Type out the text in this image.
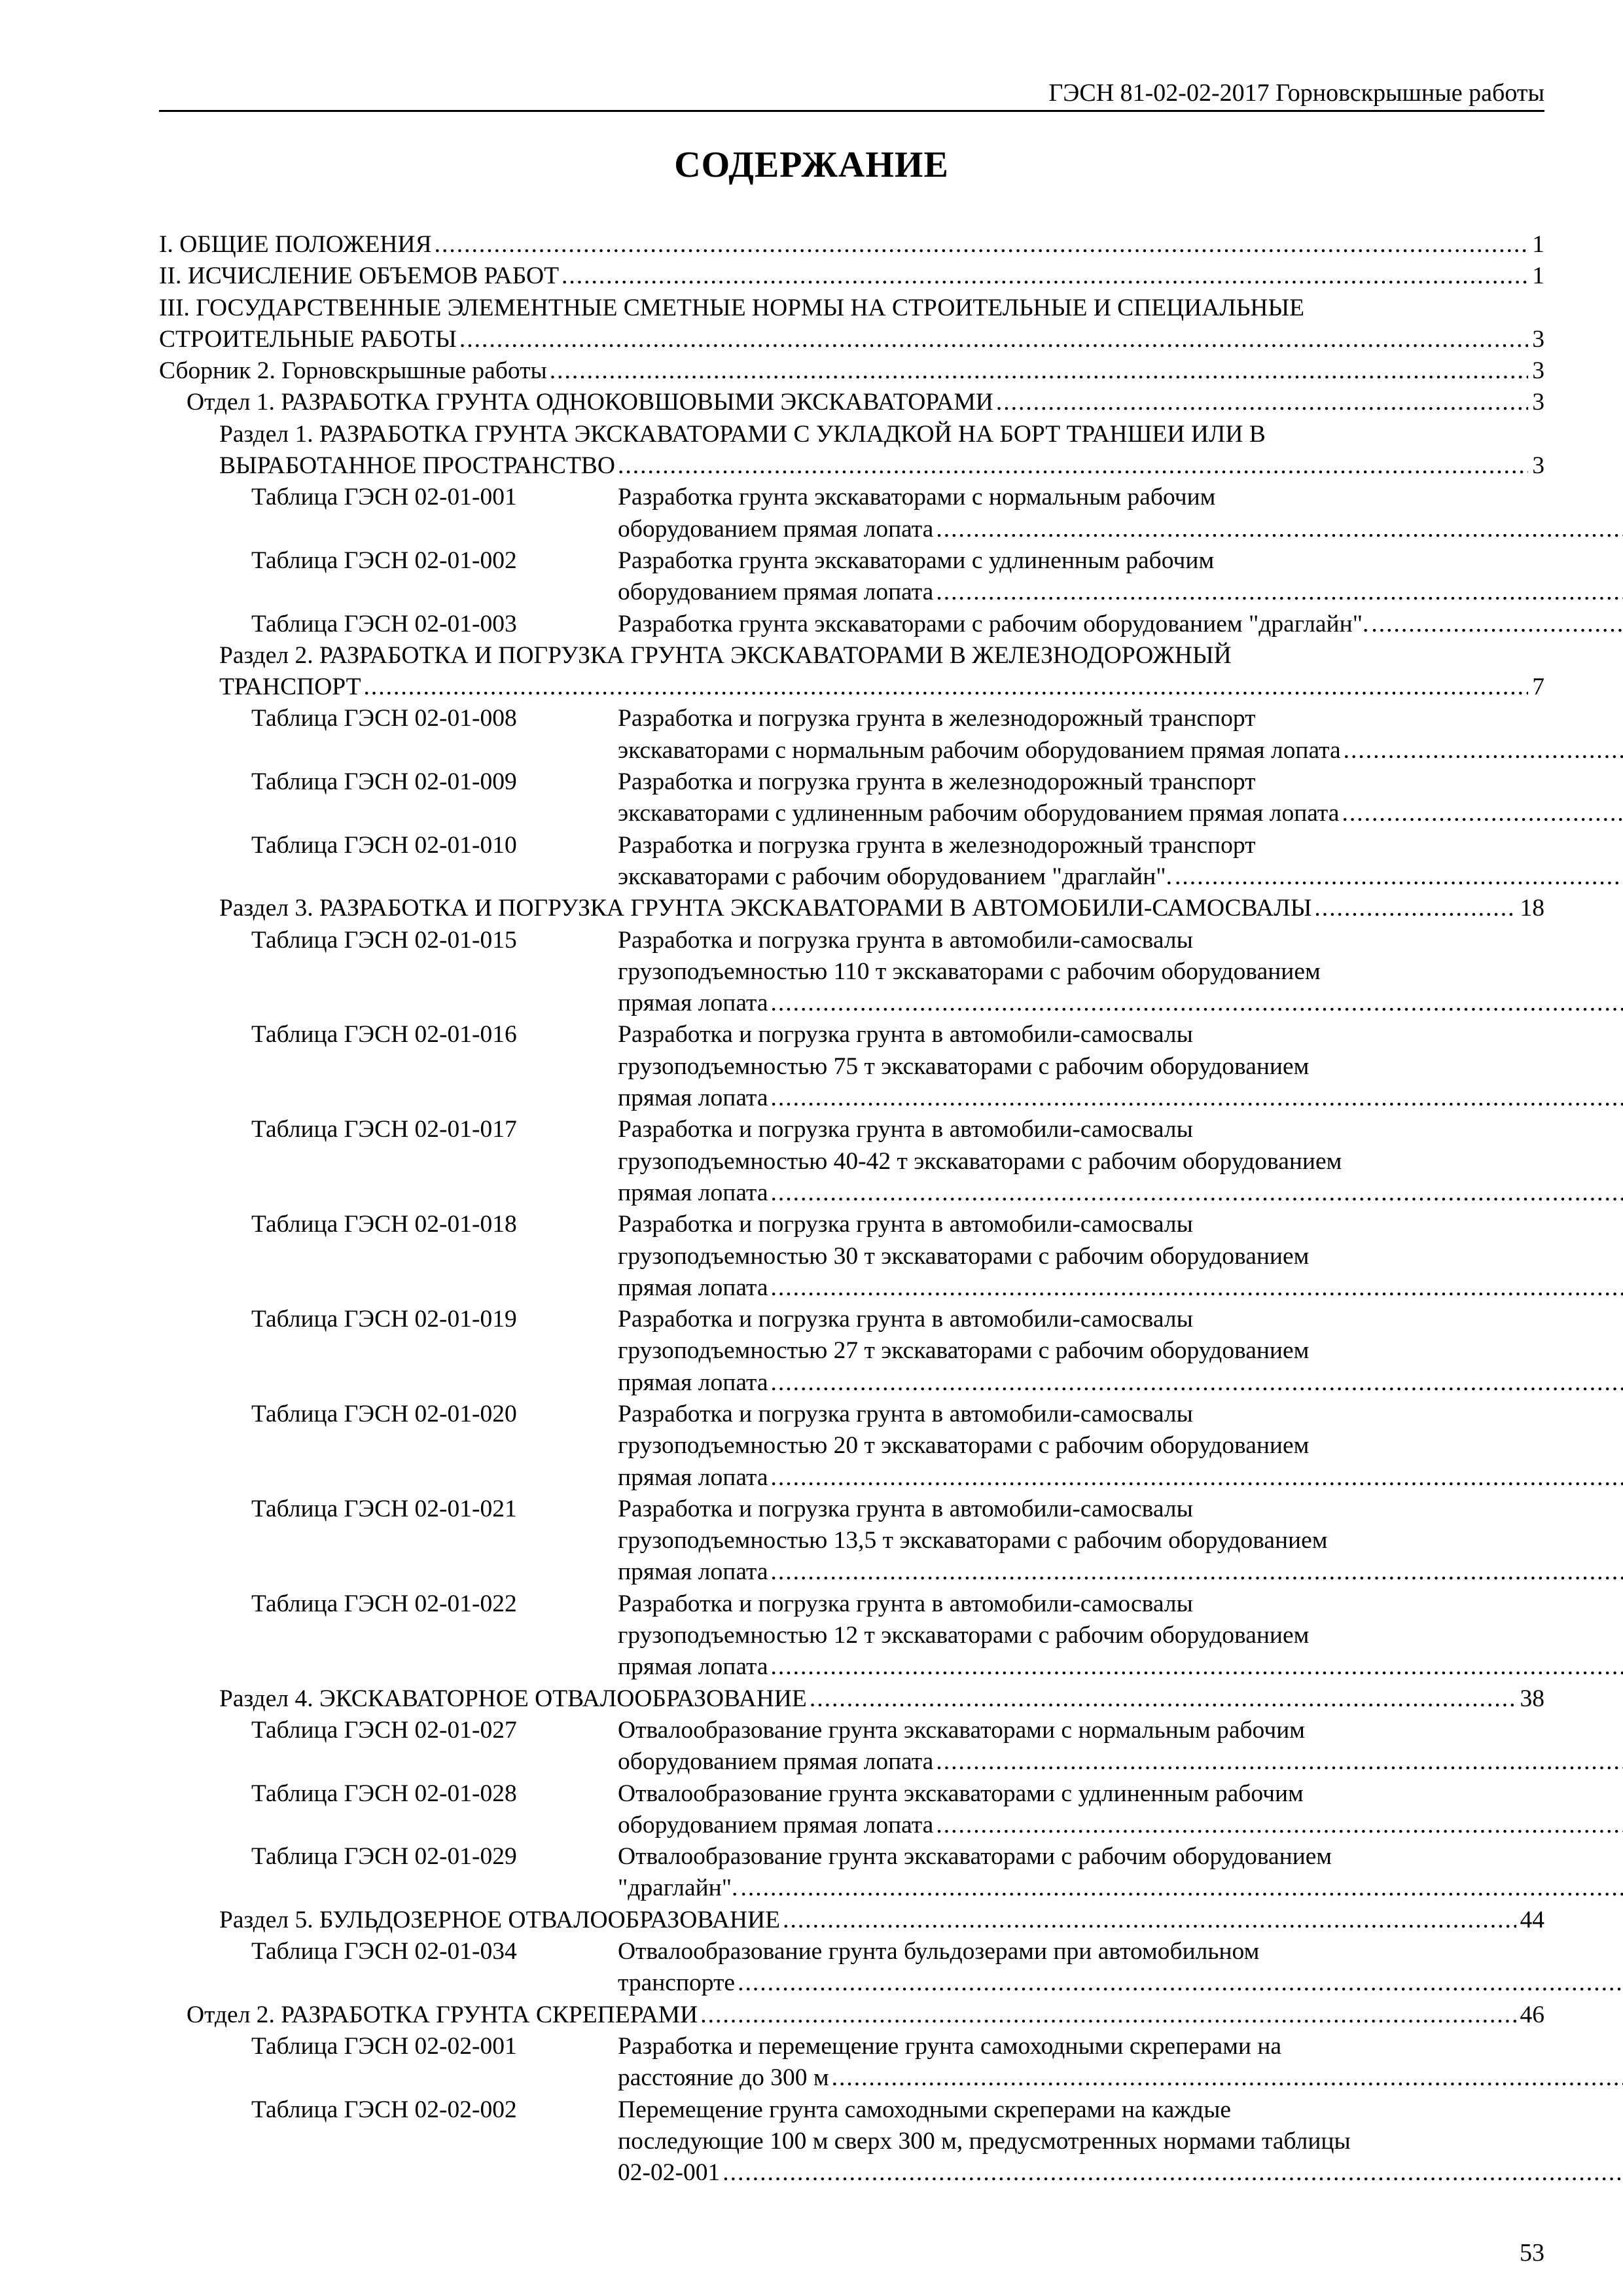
ГЭСН 81-02-02-2017 Горновскрышные работы
СОДЕРЖАНИЕ
I. ОБЩИЕ ПОЛОЖЕНИЯ .....	1
II. ИСЧИСЛЕНИЕ ОБЪЕМОВ РАБОТ .....	1
III. ГОСУДАРСТВЕННЫЕ ЭЛЕМЕНТНЫЕ СМЕТНЫЕ НОРМЫ НА СТРОИТЕЛЬНЫЕ И СПЕЦИАЛЬНЫЕ
СТРОИТЕЛЬНЫЕ РАБОТЫ .....	3
Сборник 2. Горновскрышные работы .....	3
Отдел 1. РАЗРАБОТКА ГРУНТА ОДНОКОВШОВЫМИ ЭКСКАВАТОРАМИ .....	3
Раздел 1. РАЗРАБОТКА ГРУНТА ЭКСКАВАТОРАМИ С УКЛАДКОЙ НА БОРТ ТРАНШЕИ ИЛИ В
ВЫРАБОТАННОЕ ПРОСТРАНСТВО .....	3
Таблица ГЭСН 02-01-001	Разработка грунта экскаваторами с нормальным рабочим
оборудованием прямая лопата
.....
Таблица ГЭСН 02-01-002	Разработка грунта экскаваторами с удлиненным рабочим
оборудованием прямая лопата
.....
Таблица ГЭСН 02-01-003	Разработка грунта экскаваторами с рабочим оборудованием "драглайн".
.....
Раздел 2. РАЗРАБОТКА И ПОГРУЗКА ГРУНТА ЭКСКАВАТОРАМИ В ЖЕЛЕЗНОДОРОЖНЫЙ
ТРАНСПОРТ .....	7
Таблица ГЭСН 02-01-008	Разработка и погрузка грунта в железнодорожный транспорт
экскаваторами с нормальным рабочим оборудованием прямая лопата
.....
Таблица ГЭСН 02-01-009	Разработка и погрузка грунта в железнодорожный транспорт
экскаваторами с удлиненным рабочим оборудованием прямая лопата
.....
Таблица ГЭСН 02-01-010	Разработка и погрузка грунта в железнодорожный транспорт
экскаваторами с рабочим оборудованием "драглайн".
.....
Раздел 3. РАЗРАБОТКА И ПОГРУЗКА ГРУНТА ЭКСКАВАТОРАМИ В АВТОМОБИЛИ-САМОСВАЛЫ .....	18
Таблица ГЭСН 02-01-015	Разработка и погрузка грунта в автомобили-самосвалы
грузоподъемностью 110 т экскаваторами с рабочим оборудованием
прямая лопата
.....
Таблица ГЭСН 02-01-016	Разработка и погрузка грунта в автомобили-самосвалы
грузоподъемностью 75 т экскаваторами с рабочим оборудованием
прямая лопата
.....
Таблица ГЭСН 02-01-017	Разработка и погрузка грунта в автомобили-самосвалы
грузоподъемностью 40-42 т экскаваторами с рабочим оборудованием
прямая лопата
.....
Таблица ГЭСН 02-01-018	Разработка и погрузка грунта в автомобили-самосвалы
грузоподъемностью 30 т экскаваторами с рабочим оборудованием
прямая лопата
.....
Таблица ГЭСН 02-01-019	Разработка и погрузка грунта в автомобили-самосвалы
грузоподъемностью 27 т экскаваторами с рабочим оборудованием
прямая лопата
.....
Таблица ГЭСН 02-01-020	Разработка и погрузка грунта в автомобили-самосвалы
грузоподъемностью 20 т экскаваторами с рабочим оборудованием
прямая лопата
.....
Таблица ГЭСН 02-01-021	Разработка и погрузка грунта в автомобили-самосвалы
грузоподъемностью 13,5 т экскаваторами с рабочим оборудованием
прямая лопата
.....
Таблица ГЭСН 02-01-022	Разработка и погрузка грунта в автомобили-самосвалы
грузоподъемностью 12 т экскаваторами с рабочим оборудованием
прямая лопата
.....
Раздел 4. ЭКСКАВАТОРНОЕ ОТВАЛООБРАЗОВАНИЕ .....	38
Таблица ГЭСН 02-01-027	Отвалообразование грунта экскаваторами с нормальным рабочим
оборудованием прямая лопата
.....
Таблица ГЭСН 02-01-028	Отвалообразование грунта экскаваторами с удлиненным рабочим
оборудованием прямая лопата
.....
Таблица ГЭСН 02-01-029	Отвалообразование грунта экскаваторами с рабочим оборудованием
"драглайн".
.....
Раздел 5. БУЛЬДОЗЕРНОЕ ОТВАЛООБРАЗОВАНИЕ .....	44
Таблица ГЭСН 02-01-034	Отвалообразование грунта бульдозерами при автомобильном
транспорте
.....
Отдел 2. РАЗРАБОТКА ГРУНТА СКРЕПЕРАМИ .....	46
Таблица ГЭСН 02-02-001	Разработка и перемещение грунта самоходными скреперами на
расстояние до 300 м
.....
Таблица ГЭСН 02-02-002	Перемещение грунта самоходными скреперами на каждые
последующие 100 м сверх 300 м, предусмотренных нормами таблицы
02-02-001
.....
53
